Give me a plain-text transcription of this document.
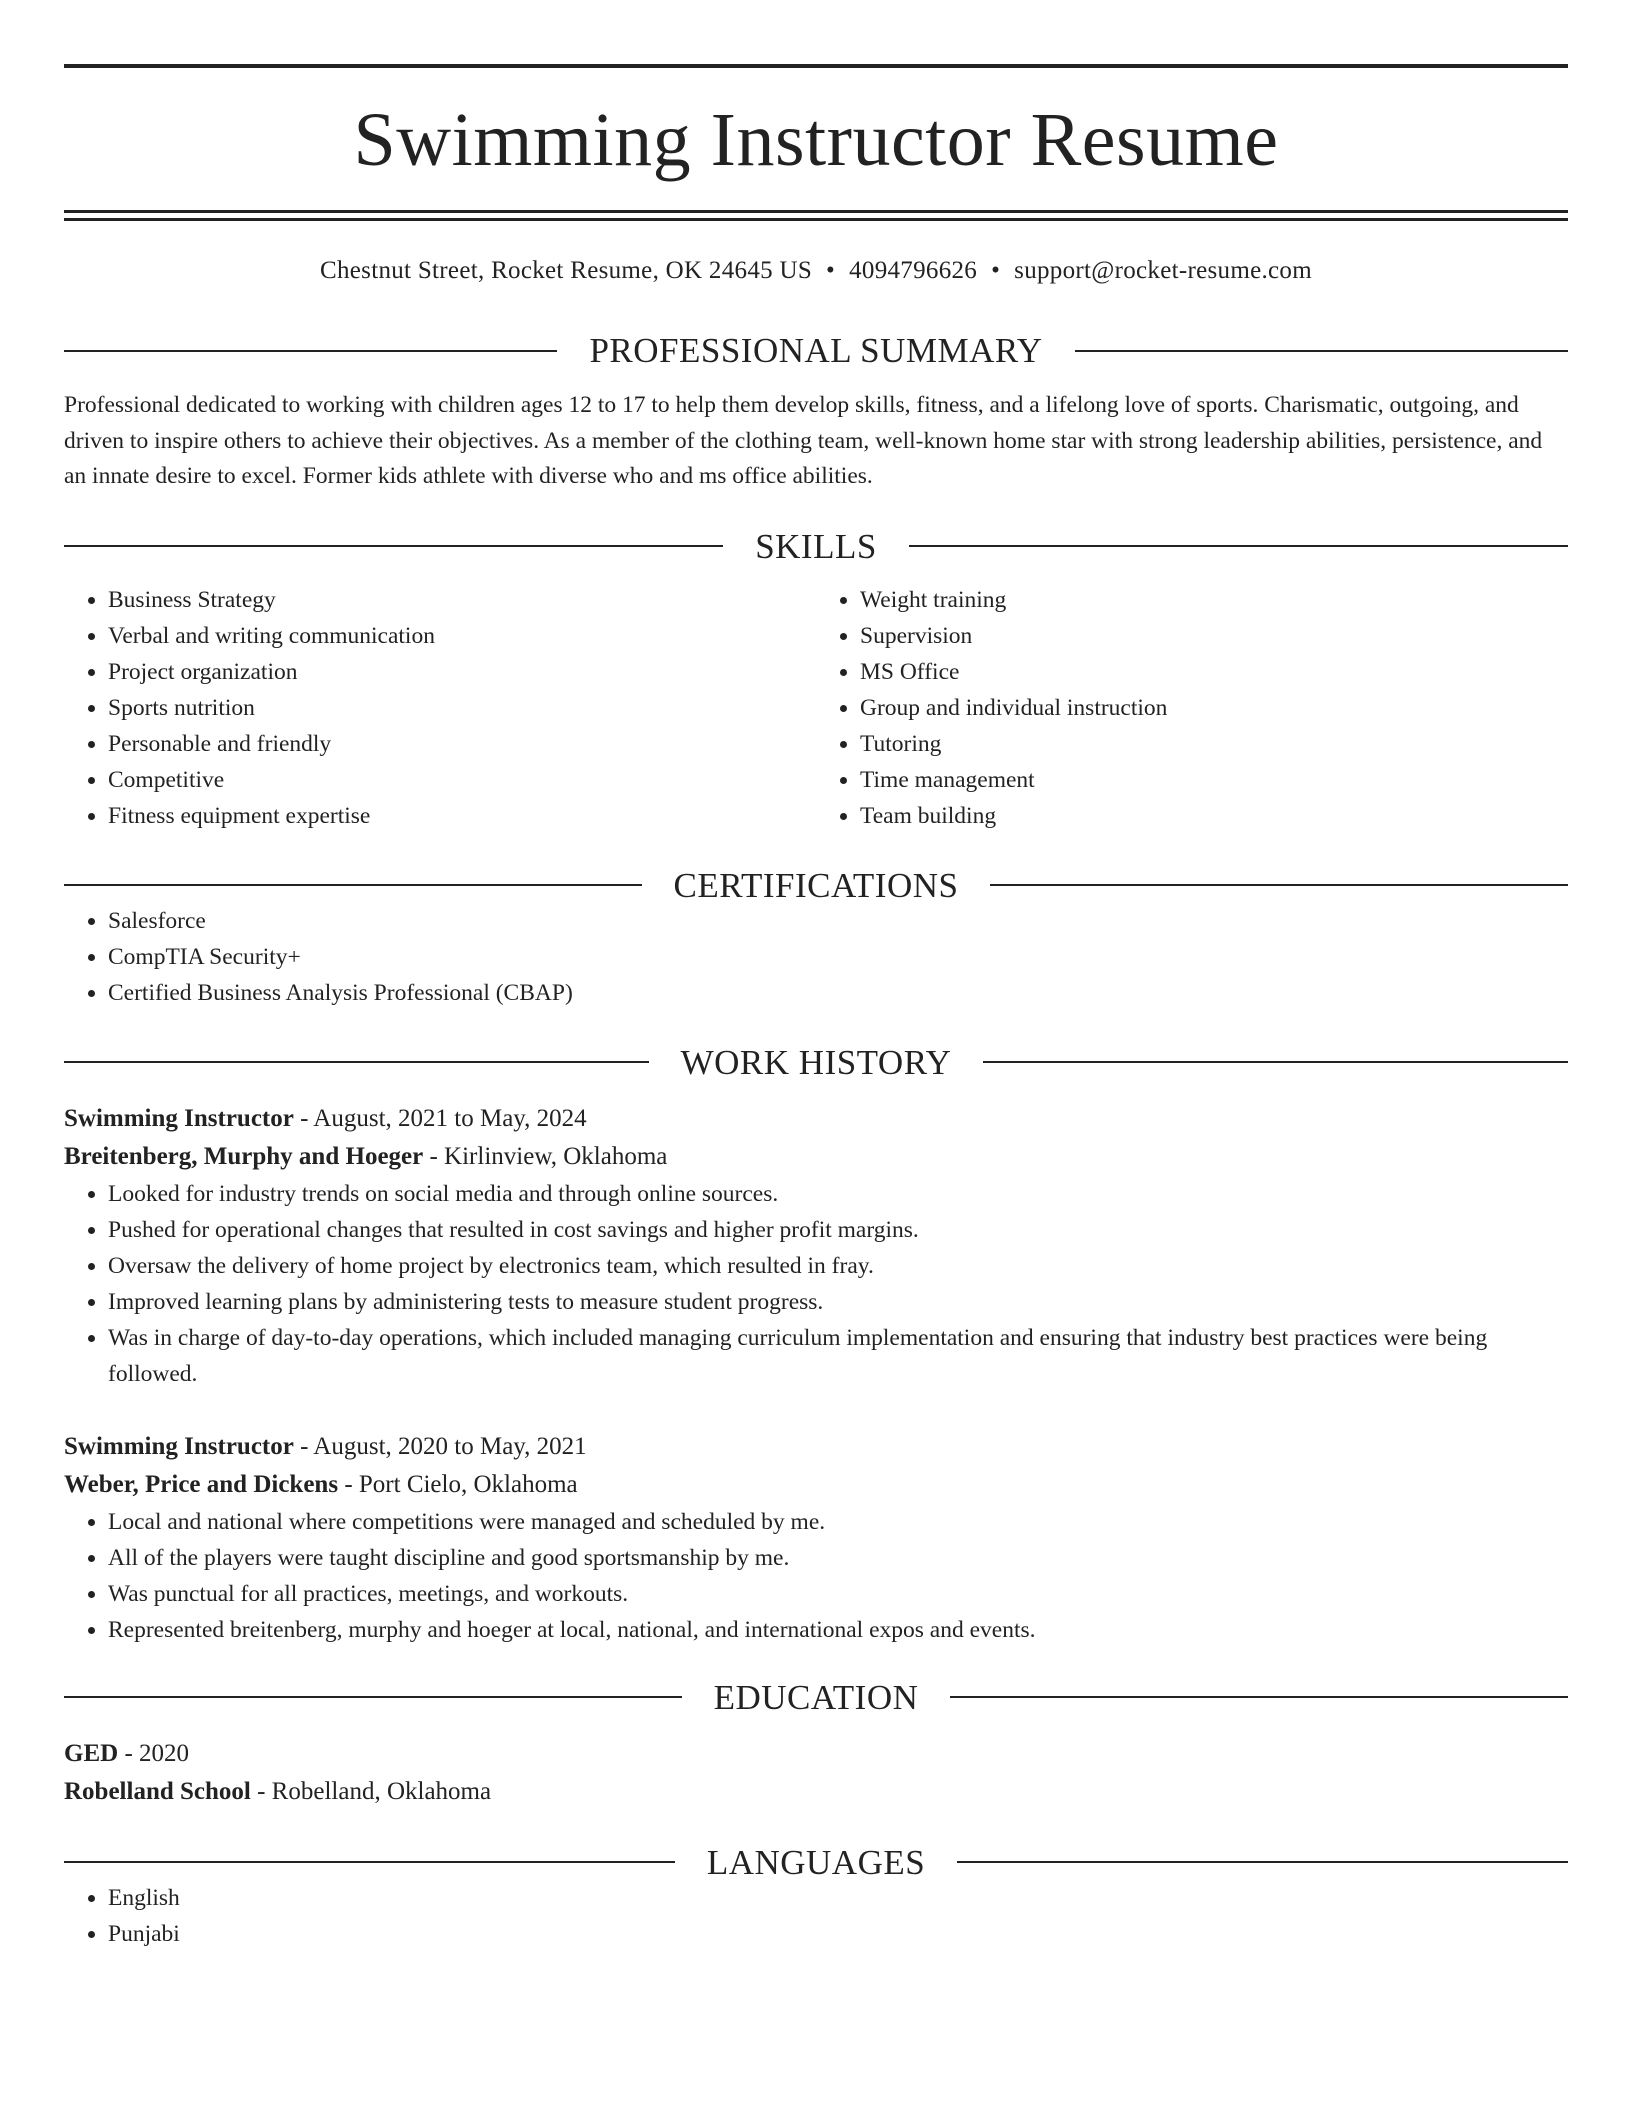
Swimming Instructor Resume
Chestnut Street, Rocket Resume, OK 24645 US • 4094796626 • support@rocket-resume.com
PROFESSIONAL SUMMARY

Professional dedicated to working with children ages 12 to 17 to help them develop skills, fitness, and a lifelong love of sports. Charismatic, outgoing, and driven to inspire others to achieve their objectives. As a member of the clothing team, well-known home star with strong leadership abilities, persistence, and an innate desire to excel. Former kids athlete with diverse who and ms office abilities.

SKILLS
• Business Strategy
• Verbal and writing communication
• Project organization
• Sports nutrition
• Personable and friendly
• Competitive
• Fitness equipment expertise
• Weight training
• Supervision
• MS Office
• Group and individual instruction
• Tutoring
• Time management
• Team building
CERTIFICATIONS
• Salesforce
• CompTIA Security+
• Certified Business Analysis Professional (CBAP)
WORK HISTORY
Swimming Instructor - August, 2021 to May, 2024
Breitenberg, Murphy and Hoeger - Kirlinview, Oklahoma
• Looked for industry trends on social media and through online sources.
• Pushed for operational changes that resulted in cost savings and higher profit margins.
• Oversaw the delivery of home project by electronics team, which resulted in fray.
• Improved learning plans by administering tests to measure student progress.
• Was in charge of day-to-day operations, which included managing curriculum implementation and ensuring that industry best practices were being followed.
Swimming Instructor - August, 2020 to May, 2021
Weber, Price and Dickens - Port Cielo, Oklahoma
• Local and national where competitions were managed and scheduled by me.
• All of the players were taught discipline and good sportsmanship by me.
• Was punctual for all practices, meetings, and workouts.
• Represented breitenberg, murphy and hoeger at local, national, and international expos and events.
EDUCATION
GED - 2020
Robelland School - Robelland, Oklahoma
LANGUAGES
• English
• Punjabi
